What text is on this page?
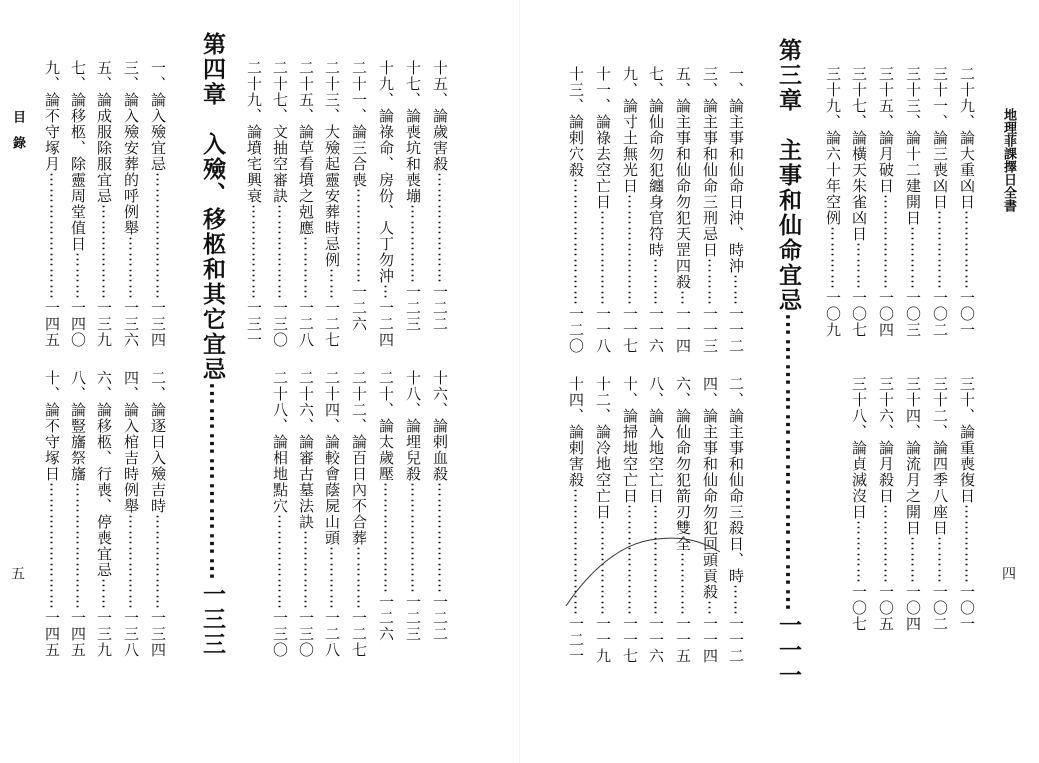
地理菲課擇日全書
四
二十九、論大重凶日⋯⋯⋯⋯⋯一〇一
三十一、論三喪凶日⋯⋯⋯⋯⋯一〇二
三十三、論十二建開日⋯⋯⋯⋯一〇三
三十五、論月破日⋯⋯⋯⋯⋯⋯一〇四
三十七、論橫天朱雀凶日⋯⋯⋯一〇七
三十九、論六十年空例⋯⋯⋯⋯一〇九
第三章　主事和仙命宜忌⋯⋯⋯⋯⋯⋯⋯⋯⋯⋯⋯⋯一一一
一、論主事和仙命日沖、時沖⋯⋯一一二
三、論主事和仙命三刑忌日⋯⋯⋯一一三
五、論主事和仙命勿犯天罡四殺⋯一一四
七、論仙命勿犯纏身官符時⋯⋯⋯一一六
九、論寸土無光日⋯⋯⋯⋯⋯⋯⋯一一七
十一、論祿去空亡日⋯⋯⋯⋯⋯⋯一一八
十三、論剌穴殺⋯⋯⋯⋯⋯⋯⋯⋯一二〇
三十、論重喪復日⋯⋯⋯⋯⋯一〇一
三十二、論四季八座日⋯⋯⋯一〇二
三十四、論流月之開日⋯⋯⋯一〇四
三十六、論月殺日⋯⋯⋯⋯⋯一〇五
三十八、論貞滅沒日⋯⋯⋯⋯一〇七
二、論主事和仙命三殺日、時⋯⋯一一二
四、論主事和仙命勿犯回頭貢殺⋯一一四
六、論仙命勿犯箭刃雙全⋯⋯⋯⋯一一五
八、論入地空亡日⋯⋯⋯⋯⋯⋯⋯一一六
十、論掃地空亡日⋯⋯⋯⋯⋯⋯⋯一一七
十二、論冷地空亡日⋯⋯⋯⋯⋯⋯一一九
十四、論剌害殺⋯⋯⋯⋯⋯⋯⋯⋯一二一
目　錄
五
十五、論歲害殺⋯⋯⋯⋯⋯⋯⋯一二二
十七、論喪坑和喪塴⋯⋯⋯⋯⋯一二三
十九、論祿命、房份、人丁勿沖⋯一二四
二十一、論三合喪⋯⋯⋯⋯⋯⋯一二六
二十三、大殮起靈安葬時忌例⋯⋯一二七
二十五、論草看墳之剋應⋯⋯⋯⋯一二八
二十七、文抽空審訣⋯⋯⋯⋯⋯⋯一三〇
二十九、論墳宅興衰⋯⋯⋯⋯⋯⋯一三一
第四章　入殮、移柩和其它宜忌⋯⋯⋯⋯⋯⋯⋯⋯一三三
一、論入殮宜忌⋯⋯⋯⋯⋯⋯⋯⋯一三四
三、論入殮安葬的呼例舉⋯⋯⋯⋯一三六
五、論成服除服宜忌⋯⋯⋯⋯⋯⋯一三九
七、論移柩、除靈周堂值日⋯⋯⋯一四〇
九、論不守塚月⋯⋯⋯⋯⋯⋯⋯⋯一四五
十六、論剌血殺⋯⋯⋯⋯⋯⋯⋯一二二
十八、論埋兒殺⋯⋯⋯⋯⋯⋯⋯一二三
二十、論太歲壓⋯⋯⋯⋯⋯⋯⋯一二六
二十二、論百日內不合葬⋯⋯⋯⋯一二七
二十四、論較會蔭屍山頭⋯⋯⋯⋯一二八
二十六、論審古墓法訣⋯⋯⋯⋯⋯一三〇
二十八、論相地點穴⋯⋯⋯⋯⋯⋯一三〇
二、論逐日入殮吉時⋯⋯⋯⋯⋯⋯一三四
四、論入棺吉時例舉⋯⋯⋯⋯⋯⋯一三八
六、論移柩、行喪、停喪宜忌⋯⋯一三九
八、論豎旛祭旛⋯⋯⋯⋯⋯⋯⋯⋯一四五
十、論不守塚日⋯⋯⋯⋯⋯⋯⋯⋯一四五
